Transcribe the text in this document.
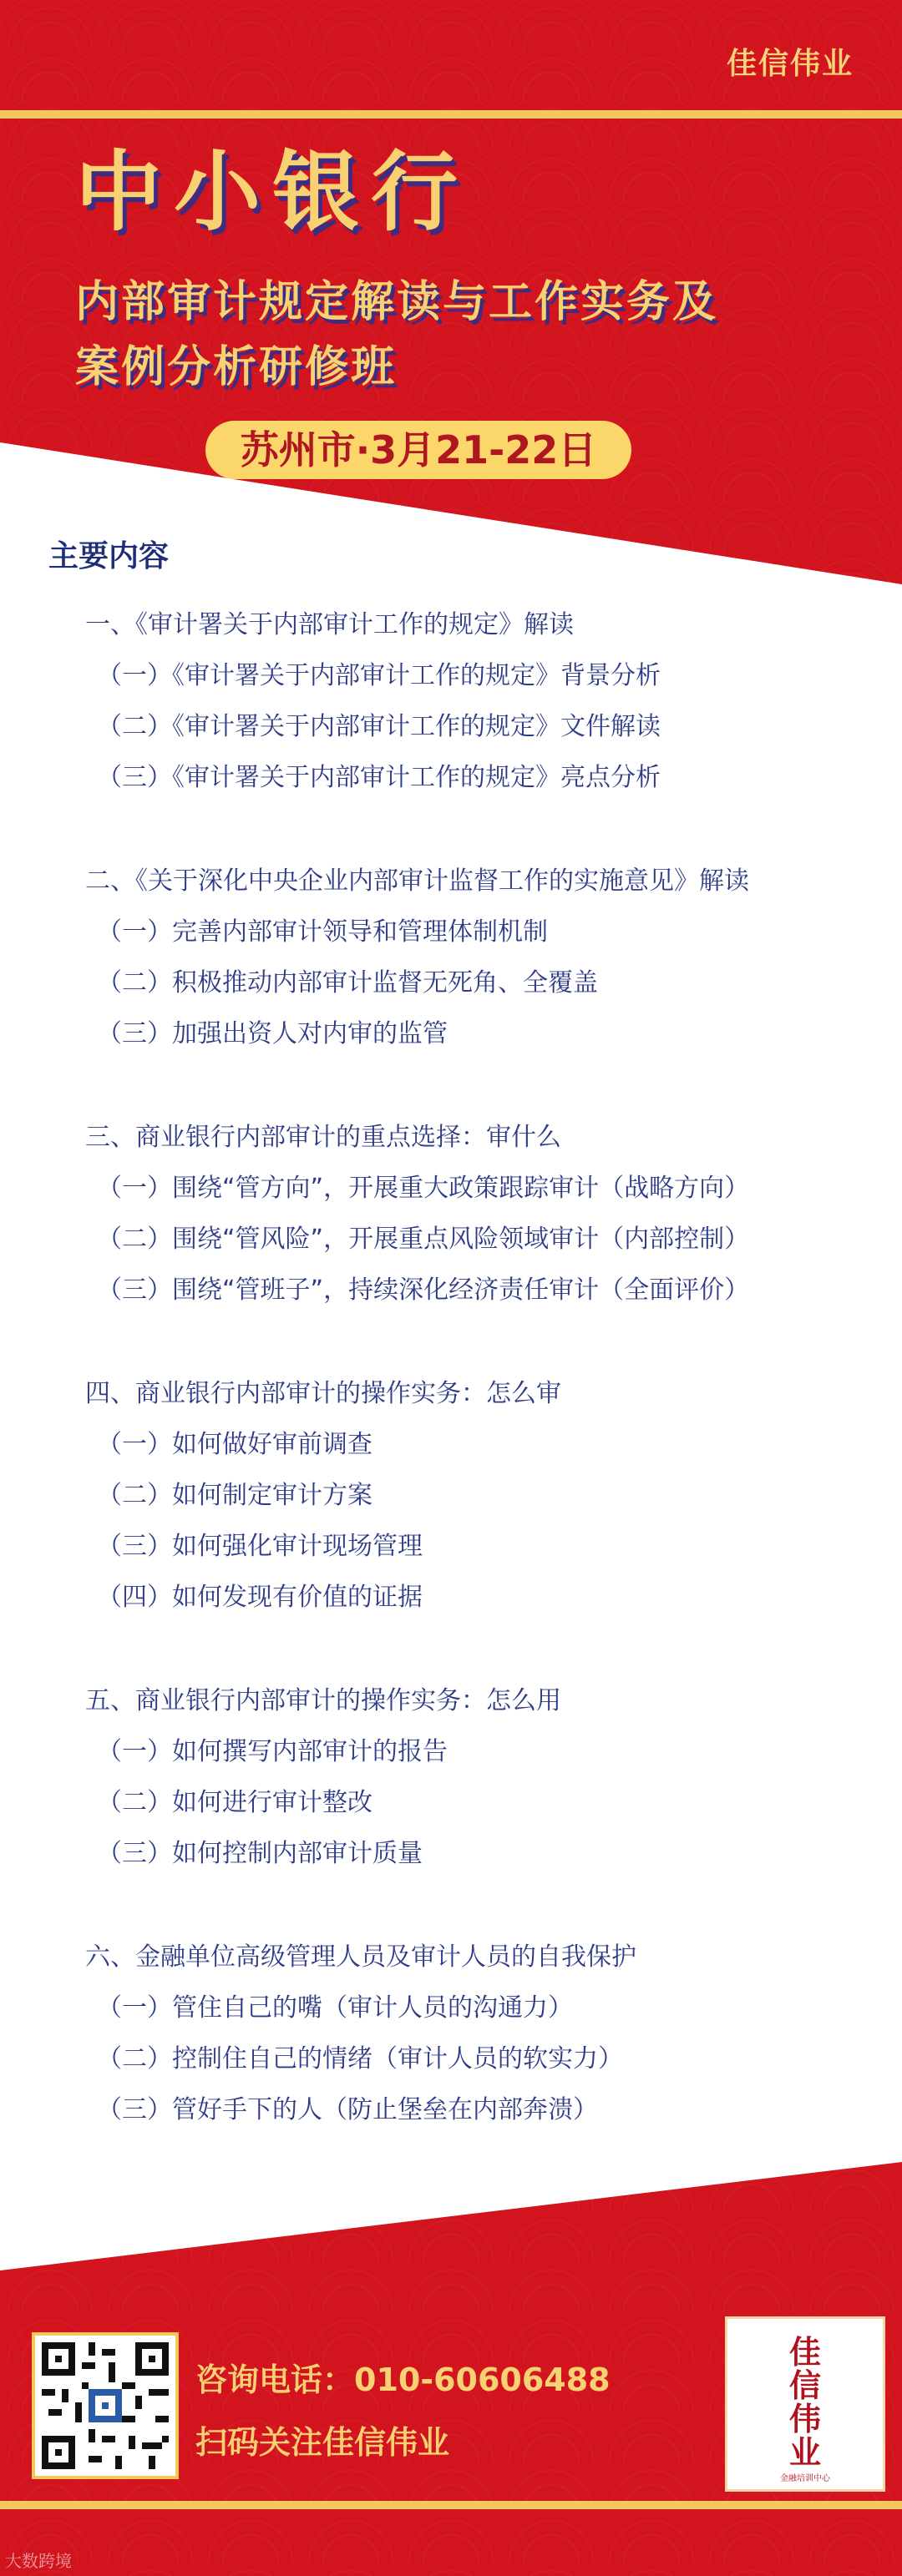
佳信伟业
中小银行
内部审计规定解读与工作实务及
案例分析研修班
苏州市·3月21-22日
主要内容
一、《审计署关于内部审计工作的规定》解读
（一）《审计署关于内部审计工作的规定》背景分析
（二）《审计署关于内部审计工作的规定》文件解读
（三）《审计署关于内部审计工作的规定》亮点分析
二、《关于深化中央企业内部审计监督工作的实施意见》解读
（一）完善内部审计领导和管理体制机制
（二）积极推动内部审计监督无死角、全覆盖
（三）加强出资人对内审的监管
三、商业银行内部审计的重点选择：审什么
（一）围绕“管方向”，开展重大政策跟踪审计（战略方向）
（二）围绕“管风险”，开展重点风险领域审计（内部控制）
（三）围绕“管班子”，持续深化经济责任审计（全面评价）
四、商业银行内部审计的操作实务：怎么审
（一）如何做好审前调查
（二）如何制定审计方案
（三）如何强化审计现场管理
（四）如何发现有价值的证据
五、商业银行内部审计的操作实务：怎么用
（一）如何撰写内部审计的报告
（二）如何进行审计整改
（三）如何控制内部审计质量
六、金融单位高级管理人员及审计人员的自我保护
（一）管住自己的嘴（审计人员的沟通力）
（二）控制住自己的情绪（审计人员的软实力）
（三）管好手下的人（防止堡垒在内部奔溃）
咨询电话：010-60606488
扫码关注佳信伟业
佳
信
伟
业
金融培训中心
大数跨境
